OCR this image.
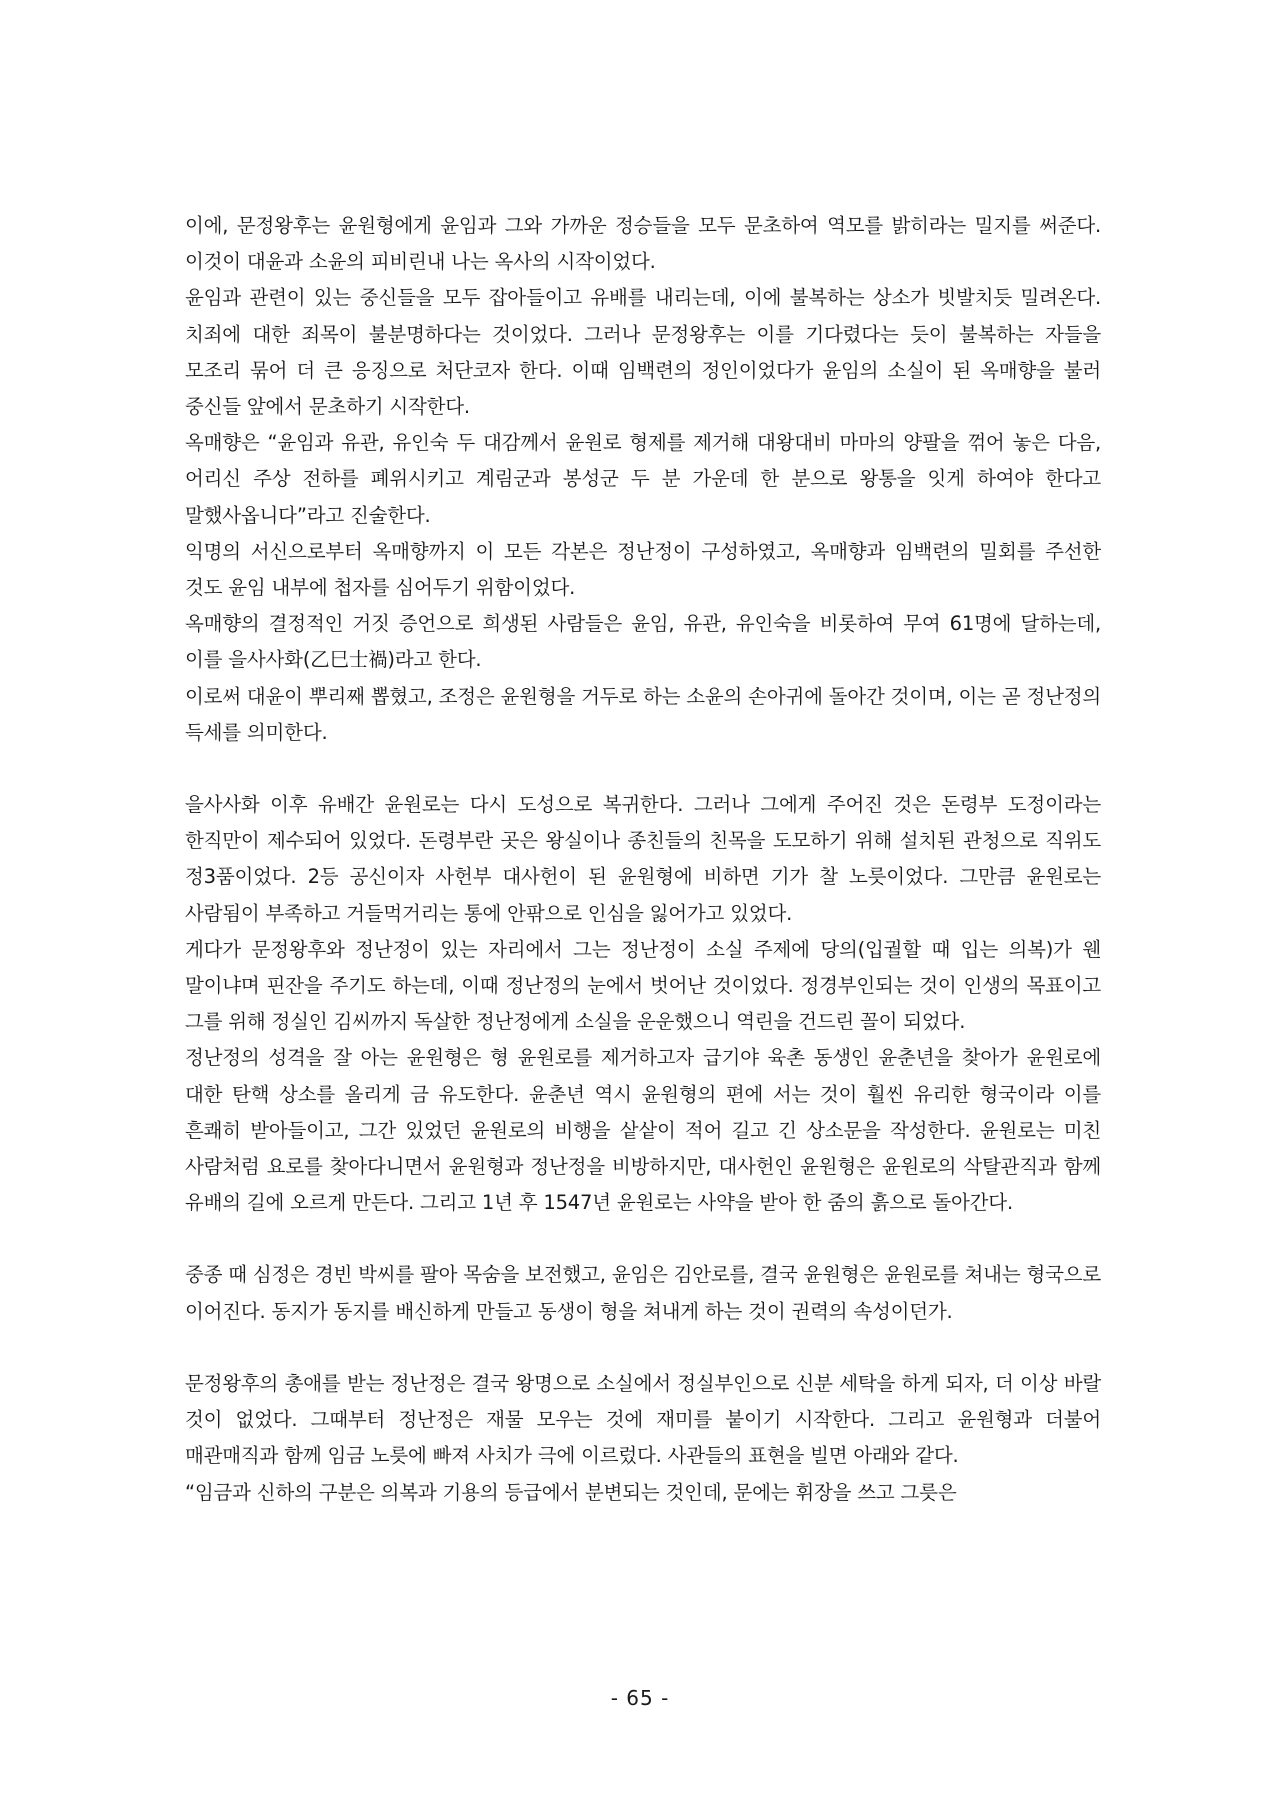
이에, 문정왕후는 윤원형에게 윤임과 그와 가까운 정승들을 모두 문초하여 역모를 밝히라는 밀지를 써준다. 이것이 대윤과 소윤의 피비린내 나는 옥사의 시작이었다.

윤임과 관련이 있는 중신들을 모두 잡아들이고 유배를 내리는데, 이에 불복하는 상소가 빗발치듯 밀려온다. 치죄에 대한 죄목이 불분명하다는 것이었다. 그러나 문정왕후는 이를 기다렸다는 듯이 불복하는 자들을 모조리 묶어 더 큰 응징으로 처단코자 한다. 이때 임백련의 정인이었다가 윤임의 소실이 된 옥매향을 불러 중신들 앞에서 문초하기 시작한다.

옥매향은 “윤임과 유관, 유인숙 두 대감께서 윤원로 형제를 제거해 대왕대비 마마의 양팔을 꺾어 놓은 다음, 어리신 주상 전하를 폐위시키고 계림군과 봉성군 두 분 가운데 한 분으로 왕통을 잇게 하여야 한다고 말했사옵니다”라고 진술한다.

익명의 서신으로부터 옥매향까지 이 모든 각본은 정난정이 구성하였고, 옥매향과 임백련의 밀회를 주선한 것도 윤임 내부에 첩자를 심어두기 위함이었다.

옥매향의 결정적인 거짓 증언으로 희생된 사람들은 윤임, 유관, 유인숙을 비롯하여 무여 61명에 달하는데, 이를 을사사화(乙巳士禍)라고 한다.

이로써 대윤이 뿌리째 뽑혔고, 조정은 윤원형을 거두로 하는 소윤의 손아귀에 돌아간 것이며, 이는 곧 정난정의 득세를 의미한다.

을사사화 이후 유배간 윤원로는 다시 도성으로 복귀한다. 그러나 그에게 주어진 것은 돈령부 도정이라는 한직만이 제수되어 있었다. 돈령부란 곳은 왕실이나 종친들의 친목을 도모하기 위해 설치된 관청으로 직위도 정3품이었다. 2등 공신이자 사헌부 대사헌이 된 윤원형에 비하면 기가 찰 노릇이었다. 그만큼 윤원로는 사람됨이 부족하고 거들먹거리는 통에 안팎으로 인심을 잃어가고 있었다.

게다가 문정왕후와 정난정이 있는 자리에서 그는 정난정이 소실 주제에 당의(입궐할 때 입는 의복)가 웬 말이냐며 핀잔을 주기도 하는데, 이때 정난정의 눈에서 벗어난 것이었다. 정경부인되는 것이 인생의 목표이고 그를 위해 정실인 김씨까지 독살한 정난정에게 소실을 운운했으니 역린을 건드린 꼴이 되었다.

정난정의 성격을 잘 아는 윤원형은 형 윤원로를 제거하고자 급기야 육촌 동생인 윤춘년을 찾아가 윤원로에 대한 탄핵 상소를 올리게 금 유도한다. 윤춘년 역시 윤원형의 편에 서는 것이 훨씬 유리한 형국이라 이를 흔쾌히 받아들이고, 그간 있었던 윤원로의 비행을 샅샅이 적어 길고 긴 상소문을 작성한다. 윤원로는 미친 사람처럼 요로를 찾아다니면서 윤원형과 정난정을 비방하지만, 대사헌인 윤원형은 윤원로의 삭탈관직과 함께 유배의 길에 오르게 만든다. 그리고 1년 후 1547년 윤원로는 사약을 받아 한 줌의 흙으로 돌아간다.

중종 때 심정은 경빈 박씨를 팔아 목숨을 보전했고, 윤임은 김안로를, 결국 윤원형은 윤원로를 쳐내는 형국으로 이어진다. 동지가 동지를 배신하게 만들고 동생이 형을 쳐내게 하는 것이 권력의 속성이던가.

문정왕후의 총애를 받는 정난정은 결국 왕명으로 소실에서 정실부인으로 신분 세탁을 하게 되자, 더 이상 바랄 것이 없었다. 그때부터 정난정은 재물 모우는 것에 재미를 붙이기 시작한다. 그리고 윤원형과 더불어 매관매직과 함께 임금 노릇에 빠져 사치가 극에 이르렀다. 사관들의 표현을 빌면 아래와 같다.

“임금과 신하의 구분은 의복과 기용의 등급에서 분변되는 것인데, 문에는 휘장을 쓰고 그릇은

- 65 -
